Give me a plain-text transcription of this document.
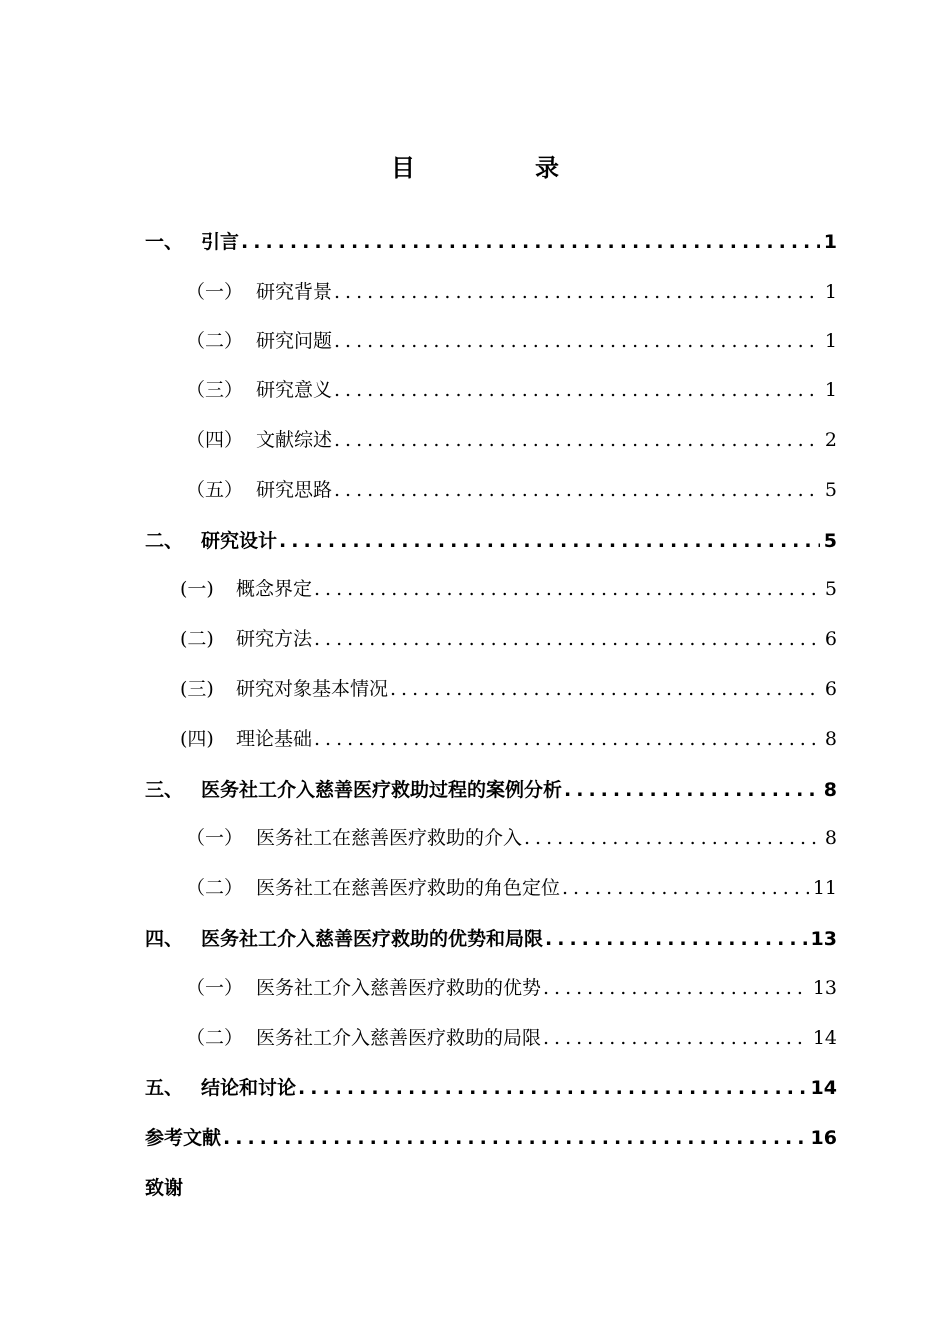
目　录
一、 引言 .....	1
（一） 研究背景 .....	1
（二） 研究问题 .....	1
（三） 研究意义 .....	1
（四） 文献综述 .....	2
（五） 研究思路 .....	5
二、 研究设计 .....	5
(一)	概念界定 .....	5
(二)	研究方法 .....	6
(三)	研究对象基本情况 .....	6
(四)	理论基础 .....	8
三、 医务社工介入慈善医疗救助过程的案例分析 .....	8
（一） 医务社工在慈善医疗救助的介入 .....	8
（二） 医务社工在慈善医疗救助的角色定位 .....	11
四、 医务社工介入慈善医疗救助的优势和局限 .....	13
（一） 医务社工介入慈善医疗救助的优势 .....	13
（二） 医务社工介入慈善医疗救助的局限 .....	14
五、 结论和讨论 .....	14
参考文献 .....	16
致谢
